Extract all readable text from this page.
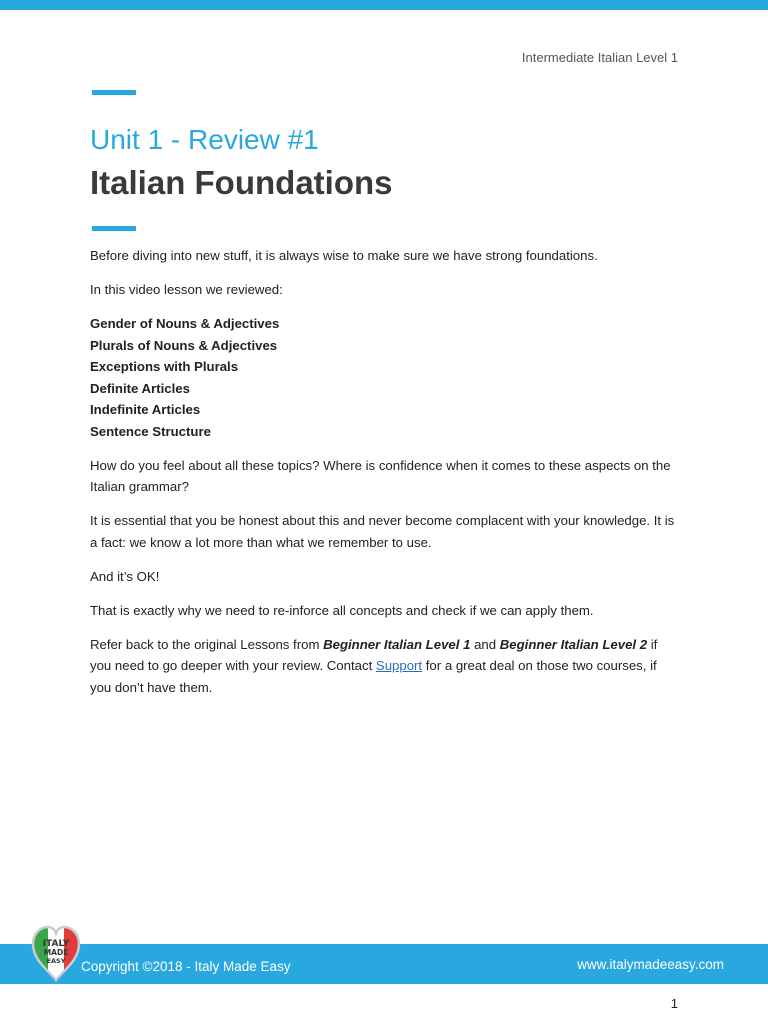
Intermediate Italian Level 1
Unit 1 - Review #1
Italian Foundations

Before diving into new stuff, it is always wise to make sure we have strong foundations.

In this video lesson we reviewed:

Gender of Nouns & Adjectives
Plurals of Nouns & Adjectives
Exceptions with Plurals
Definite Articles
Indefinite Articles
Sentence Structure

How do you feel about all these topics? Where is confidence when it comes to these aspects on the Italian grammar?

It is essential that you be honest about this and never become complacent with your knowledge. It is a fact: we know a lot more than what we remember to use.

And it’s OK!

That is exactly why we need to re-inforce all concepts and check if we can apply them.

Refer back to the original Lessons from Beginner Italian Level 1 and Beginner Italian Level 2 if you need to go deeper with your review. Contact Support for a great deal on those two courses, if you don’t have them.

Copyright ©2018 - Italy Made Easy	www.italymadeeasy.com
ITALY
MADE
EASY
1
